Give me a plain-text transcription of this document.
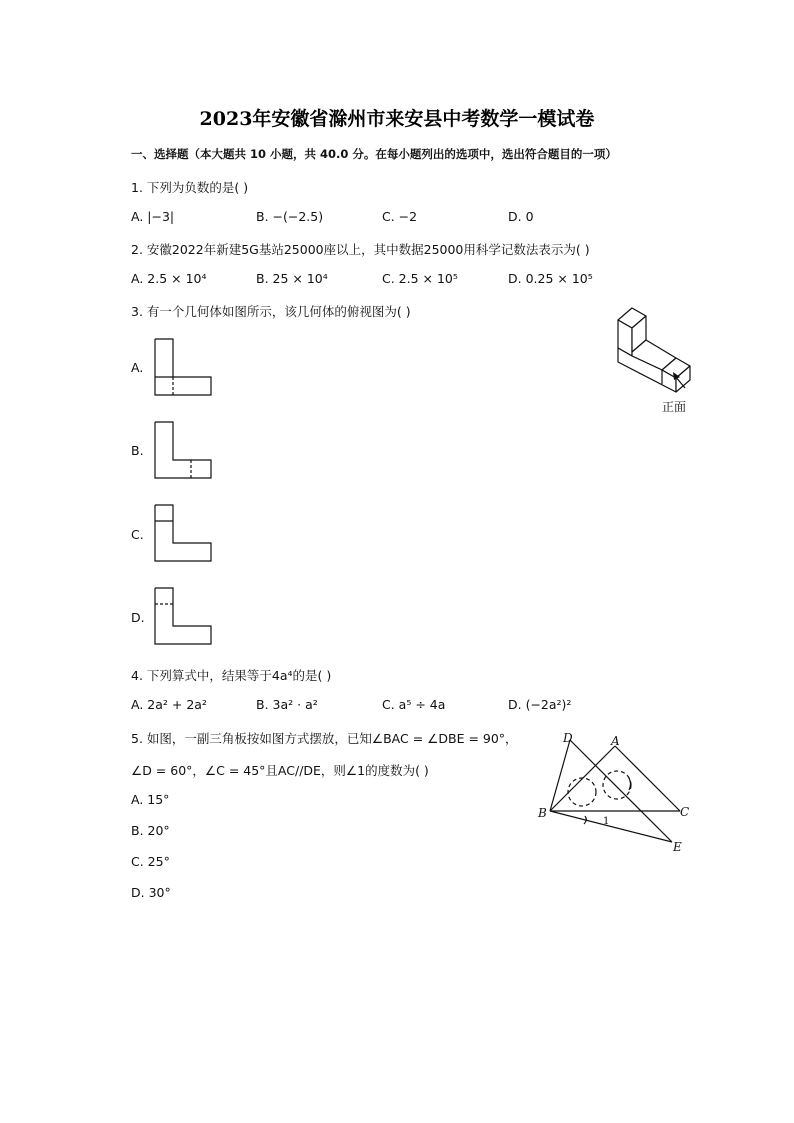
2023年安徽省滁州市来安县中考数学一模试卷
一、选择题（本大题共 10 小题，共 40.0 分。在每小题列出的选项中，选出符合题目的一项）
1. 下列为负数的是( )
A. |−3|	B. −(−2.5)	C. −2	D. 0
2. 安徽2022年新建5G基站25000座以上，其中数据25000用科学记数法表示为( )
A. 2.5 × 10⁴	B. 25 × 10⁴	C. 2.5 × 10⁵	D. 0.25 × 10⁵
3. 有一个几何体如图所示，该几何体的俯视图为( )
正面
A.
B.
C.
D.
4. 下列算式中，结果等于4a⁴的是( )
A. 2a² + 2a²	B. 3a² · a²	C. a⁵ ÷ 4a	D. (−2a²)²
5. 如图，一副三角板按如图方式摆放，已知∠BAC = ∠DBE = 90°，
∠D = 60°，∠C = 45°且AC//DE，则∠1的度数为( )
A. 15°
B. 20°
C. 25°
D. 30°
D	A
B	C
E
1
